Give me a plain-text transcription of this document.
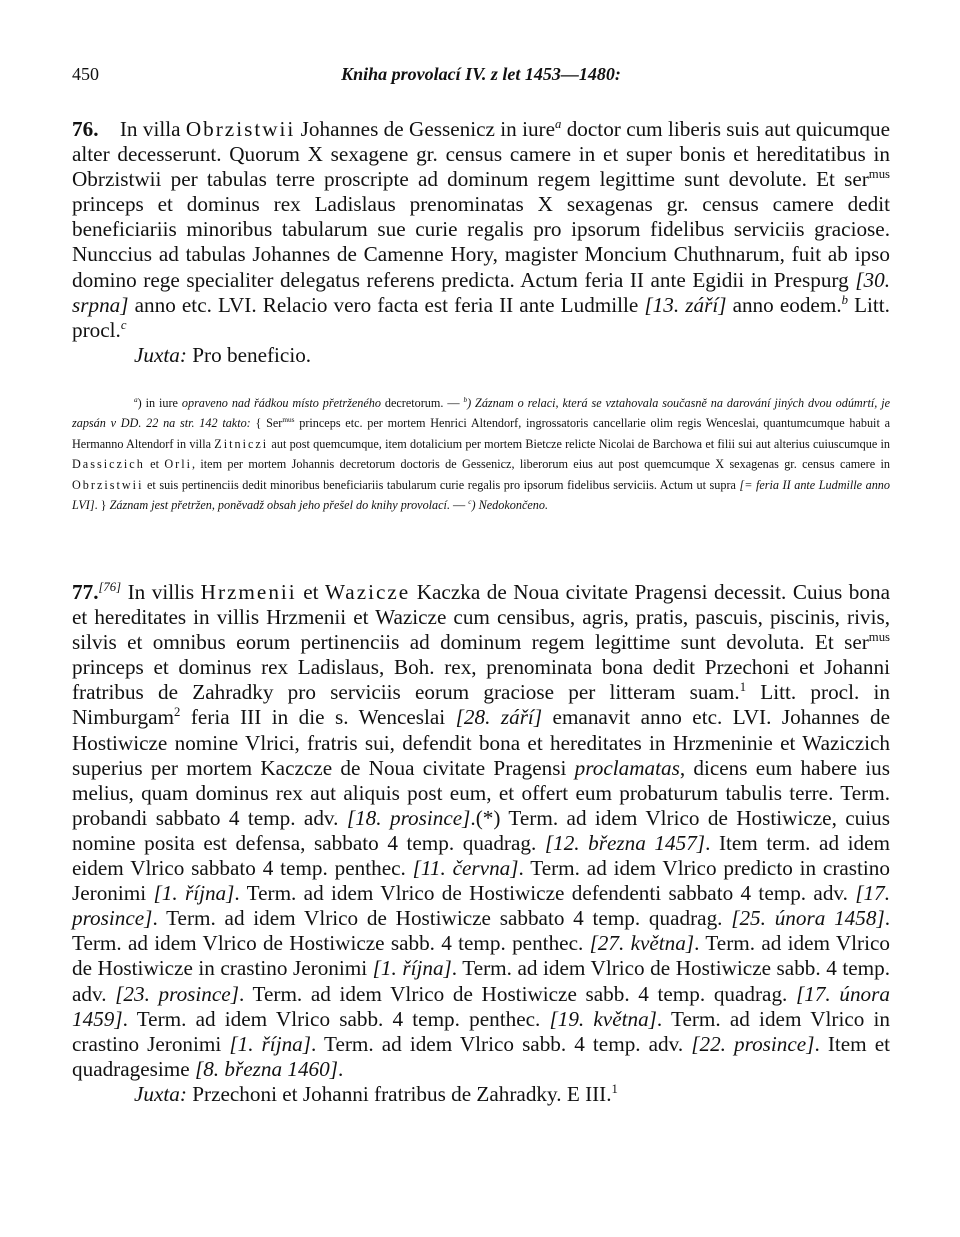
450	Kniha provolací IV. z let 1453—1480:

76. In villa Obrzistwii Johannes de Gessenicz in iure$^a$ doctor cum liberis suis aut quicumque alter decesserunt. Quorum X sexagene gr. census camere in et super bonis et hereditatibus in Obrzistwii per tabulas terre proscripte ad dominum regem legittime sunt devolute. Et ser$^{mus}$ princeps et dominus rex Ladislaus prenominatas X sexagenas gr. census camere dedit beneficiariis minoribus tabularum sue curie regalis pro ipsorum fidelibus serviciis graciose. Nunccius ad tabulas Johannes de Camenne Hory, magister Moncium Chuthnarum, fuit ab ipso domino rege specialiter delegatus referens predicta. Actum feria II ante Egidii in Prespurg [30. srpna] anno etc. LVI. Relacio vero facta est feria II ante Ludmille [13. září] anno eodem.$^b$ Litt. procl.$^c$

Juxta: Pro beneficio.

$^a$) in iure opraveno nad řádkou místo přetrženého decretorum. — $^b$) Záznam o relaci, která se vztahovala současně na darování jiných dvou odúmrtí, je zapsán v DD. 22 na str. 142 takto: { Ser$^{mus}$ princeps etc. per mortem Henrici Altendorf, ingrossatoris cancellarie olim regis Wenceslai, quantumcumque habuit a Hermanno Altendorf in villa Zitniczi aut post quemcumque, item dotalicium per mortem Bietcze relicte Nicolai de Barchowa et filii sui aut alterius cuiuscumque in Dassiczich et Orli, item per mortem Johannis decretorum doctoris de Gessenicz, liberorum eius aut post quemcumque X sexagenas gr. census camere in Obrzistwii et suis pertinenciis dedit minoribus beneficiariis tabularum curie regalis pro ipsorum fidelibus serviciis. Actum ut supra [= feria II ante Ludmille anno LVI]. } Záznam jest přetržen, poněvadž obsah jeho přešel do knihy provolací. — $^c$) Nedokončeno.

77.[76] In villis Hrzmenii et Wazicze Kaczka de Noua civitate Pragensi decessit. Cuius bona et hereditates in villis Hrzmenii et Wazicze cum censibus, agris, pratis, pascuis, piscinis, rivis, silvis et omnibus eorum pertinenciis ad dominum regem legittime sunt devoluta. Et ser$^{mus}$ princeps et dominus rex Ladislaus, Boh. rex, prenominata bona dedit Przechoni et Johanni fratribus de Zahradky pro serviciis eorum graciose per litteram suam.$^1$ Litt. procl. in Nimburgam$^2$ feria III in die s. Wenceslai [28. září] emanavit anno etc. LVI. Johannes de Hostiwicze nomine Vlrici, fratris sui, defendit bona et hereditates in Hrzmeninie et Waziczich superius per mortem Kaczcze de Noua civitate Pragensi proclamatas, dicens eum habere ius melius, quam dominus rex aut aliquis post eum, et offert eum probaturum tabulis terre. Term. probandi sabbato 4 temp. adv. [18. prosince].(*) Term. ad idem Vlrico de Hostiwicze, cuius nomine posita est defensa, sabbato 4 temp. quadrag. [12. března 1457]. Item term. ad idem eidem Vlrico sabbato 4 temp. penthec. [11. června]. Term. ad idem Vlrico predicto in crastino Jeronimi [1. října]. Term. ad idem Vlrico de Hostiwicze defendenti sabbato 4 temp. adv. [17. prosince]. Term. ad idem Vlrico de Hostiwicze sabbato 4 temp. quadrag. [25. února 1458]. Term. ad idem Vlrico de Hostiwicze sabb. 4 temp. penthec. [27. května]. Term. ad idem Vlrico de Hostiwicze in crastino Jeronimi [1. října]. Term. ad idem Vlrico de Hostiwicze sabb. 4 temp. adv. [23. prosince]. Term. ad idem Vlrico de Hostiwicze sabb. 4 temp. quadrag. [17. února 1459]. Term. ad idem Vlrico sabb. 4 temp. penthec. [19. května]. Term. ad idem Vlrico in crastino Jeronimi [1. října]. Term. ad idem Vlrico sabb. 4 temp. adv. [22. prosince]. Item et quadragesime [8. března 1460].

Juxta: Przechoni et Johanni fratribus de Zahradky. E III.$^1$
